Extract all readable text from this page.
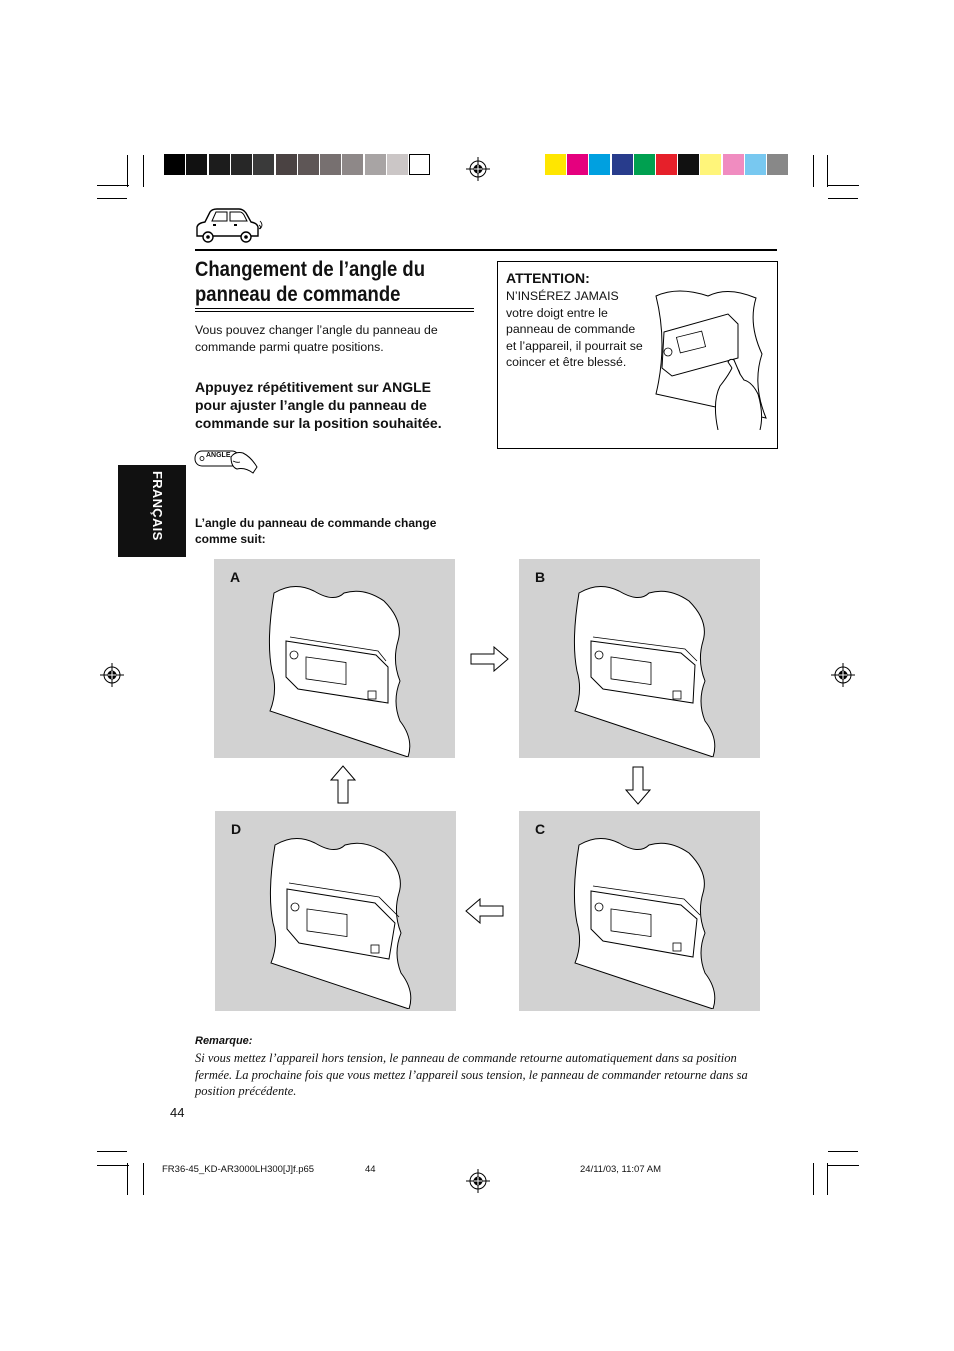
Changement de l’angle du panneau de commande
Vous pouvez changer l’angle du panneau de commande parmi quatre positions.
Appuyez répétitivement sur ANGLE pour ajuster l’angle du panneau de commande sur la position souhaitée.
ANGLE
ATTENTION:
N’INSÉREZ JAMAIS votre doigt entre le panneau de commande et l’appareil, il pourrait se coincer et être blessé.
FRANÇAIS	L’angle du panneau de commande change comme suit:
A	B
D	C
Remarque:
Si vous mettez l’appareil hors tension, le panneau de commande retourne automatiquement dans sa position fermée. La prochaine fois que vous mettez l’appareil sous tension, le panneau de commander retourne dans sa position précédente.
44
FR36-45_KD-AR3000LH300[J]f.p65	44	24/11/03, 11:07 AM
